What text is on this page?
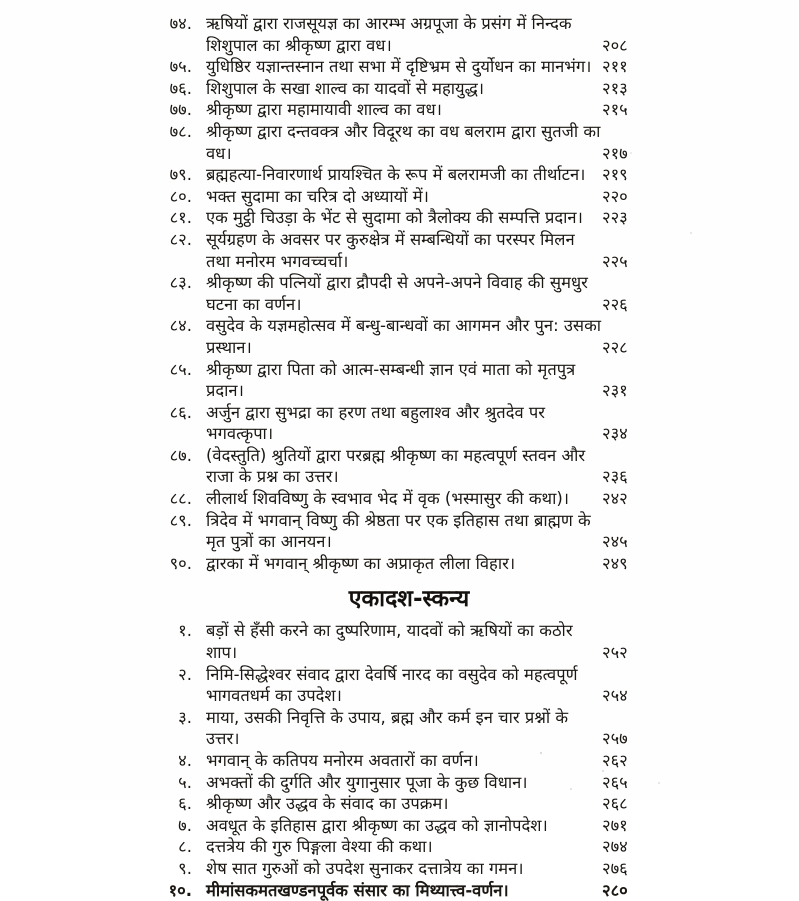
७४. ऋषियों द्वारा राजसूयज्ञ का आरम्भ अग्रपूजा के प्रसंग में निन्दक शिशुपाल का श्रीकृष्ण द्वारा वध।	२०८
७५. युधिष्ठिर यज्ञान्तस्नान तथा सभा में दृष्टिभ्रम से दुर्योधन का मानभंग। २११
७६. शिशुपाल के सखा शाल्व का यादवों से महायुद्ध।	२१३
७७. श्रीकृष्ण द्वारा महामायावी शाल्व का वध।	२१५
७८. श्रीकृष्ण द्वारा दन्तवक्त्र और विदूरथ का वध बलराम द्वारा सुतजी का वध।	२१७
७९. ब्रह्महत्या-निवारणार्थ प्रायश्चित के रूप में बलरामजी का तीर्थाटन।	२१९
८०. भक्त सुदामा का चरित्र दो अध्यायों में।	२२०
८१. एक मुट्ठी चिउड़ा के भेंट से सुदामा को त्रैलोक्य की सम्पत्ति प्रदान।	२२३
८२. सूर्यग्रहण के अवसर पर कुरुक्षेत्र में सम्बन्धियों का परस्पर मिलन तथा मनोरम भगवच्चर्चा।	२२५
८३. श्रीकृष्ण की पत्नियों द्वारा द्रौपदी से अपने-अपने विवाह की सुमधुर घटना का वर्णन।	२२६
८४. वसुदेव के यज्ञमहोत्सव में बन्धु-बान्धवों का आगमन और पुन: उसका प्रस्थान।	२२८
८५. श्रीकृष्ण द्वारा पिता को आत्म-सम्बन्धी ज्ञान एवं माता को मृतपुत्र प्रदान।	२३१
८६. अर्जुन द्वारा सुभद्रा का हरण तथा बहुलाश्व और श्रुतदेव पर भगवत्कृपा।	२३४
८७. (वेदस्तुति) श्रुतियों द्वारा परब्रह्म श्रीकृष्ण का महत्वपूर्ण स्तवन और राजा के प्रश्न का उत्तर।	२३६
८८. लीलार्थ शिवविष्णु के स्वभाव भेद में वृक (भस्मासुर की कथा)।	२४२
८९. त्रिदेव में भगवान् विष्णु की श्रेष्ठता पर एक इतिहास तथा ब्राह्मण के मृत पुत्रों का आनयन।	२४५
९०. द्वारका में भगवान् श्रीकृष्ण का अप्राकृत लीला विहार।	२४९
एकादश-स्कन्य
१. बड़ों से हँसी करने का दुष्परिणाम, यादवों को ऋषियों का कठोर शाप।	२५२
२. निमि-सिद्धेश्वर संवाद द्वारा देवर्षि नारद का वसुदेव को महत्वपूर्ण भागवतधर्म का उपदेश।	२५४
३. माया, उसकी निवृत्ति के उपाय, ब्रह्म और कर्म इन चार प्रश्नों के उत्तर।	२५७
४. भगवान् के कतिपय मनोरम अवतारों का वर्णन।	२६२
५. अभक्तों की दुर्गति और युगानुसार पूजा के कुछ विधान।	२६५
६. श्रीकृष्ण और उद्धव के संवाद का उपक्रम।	२६८
७. अवधूत के इतिहास द्वारा श्रीकृष्ण का उद्धव को ज्ञानोपदेश।	२७१
८. दत्तत्रेय की गुरु पिङ्गला वेश्या की कथा।	२७४
९. शेष सात गुरुओं को उपदेश सुनाकर दत्तात्रेय का गमन।	२७६
१०. मीमांसकमतखण्डनपूर्वक संसार का मिथ्यात्त्व-वर्णन।	२८०
